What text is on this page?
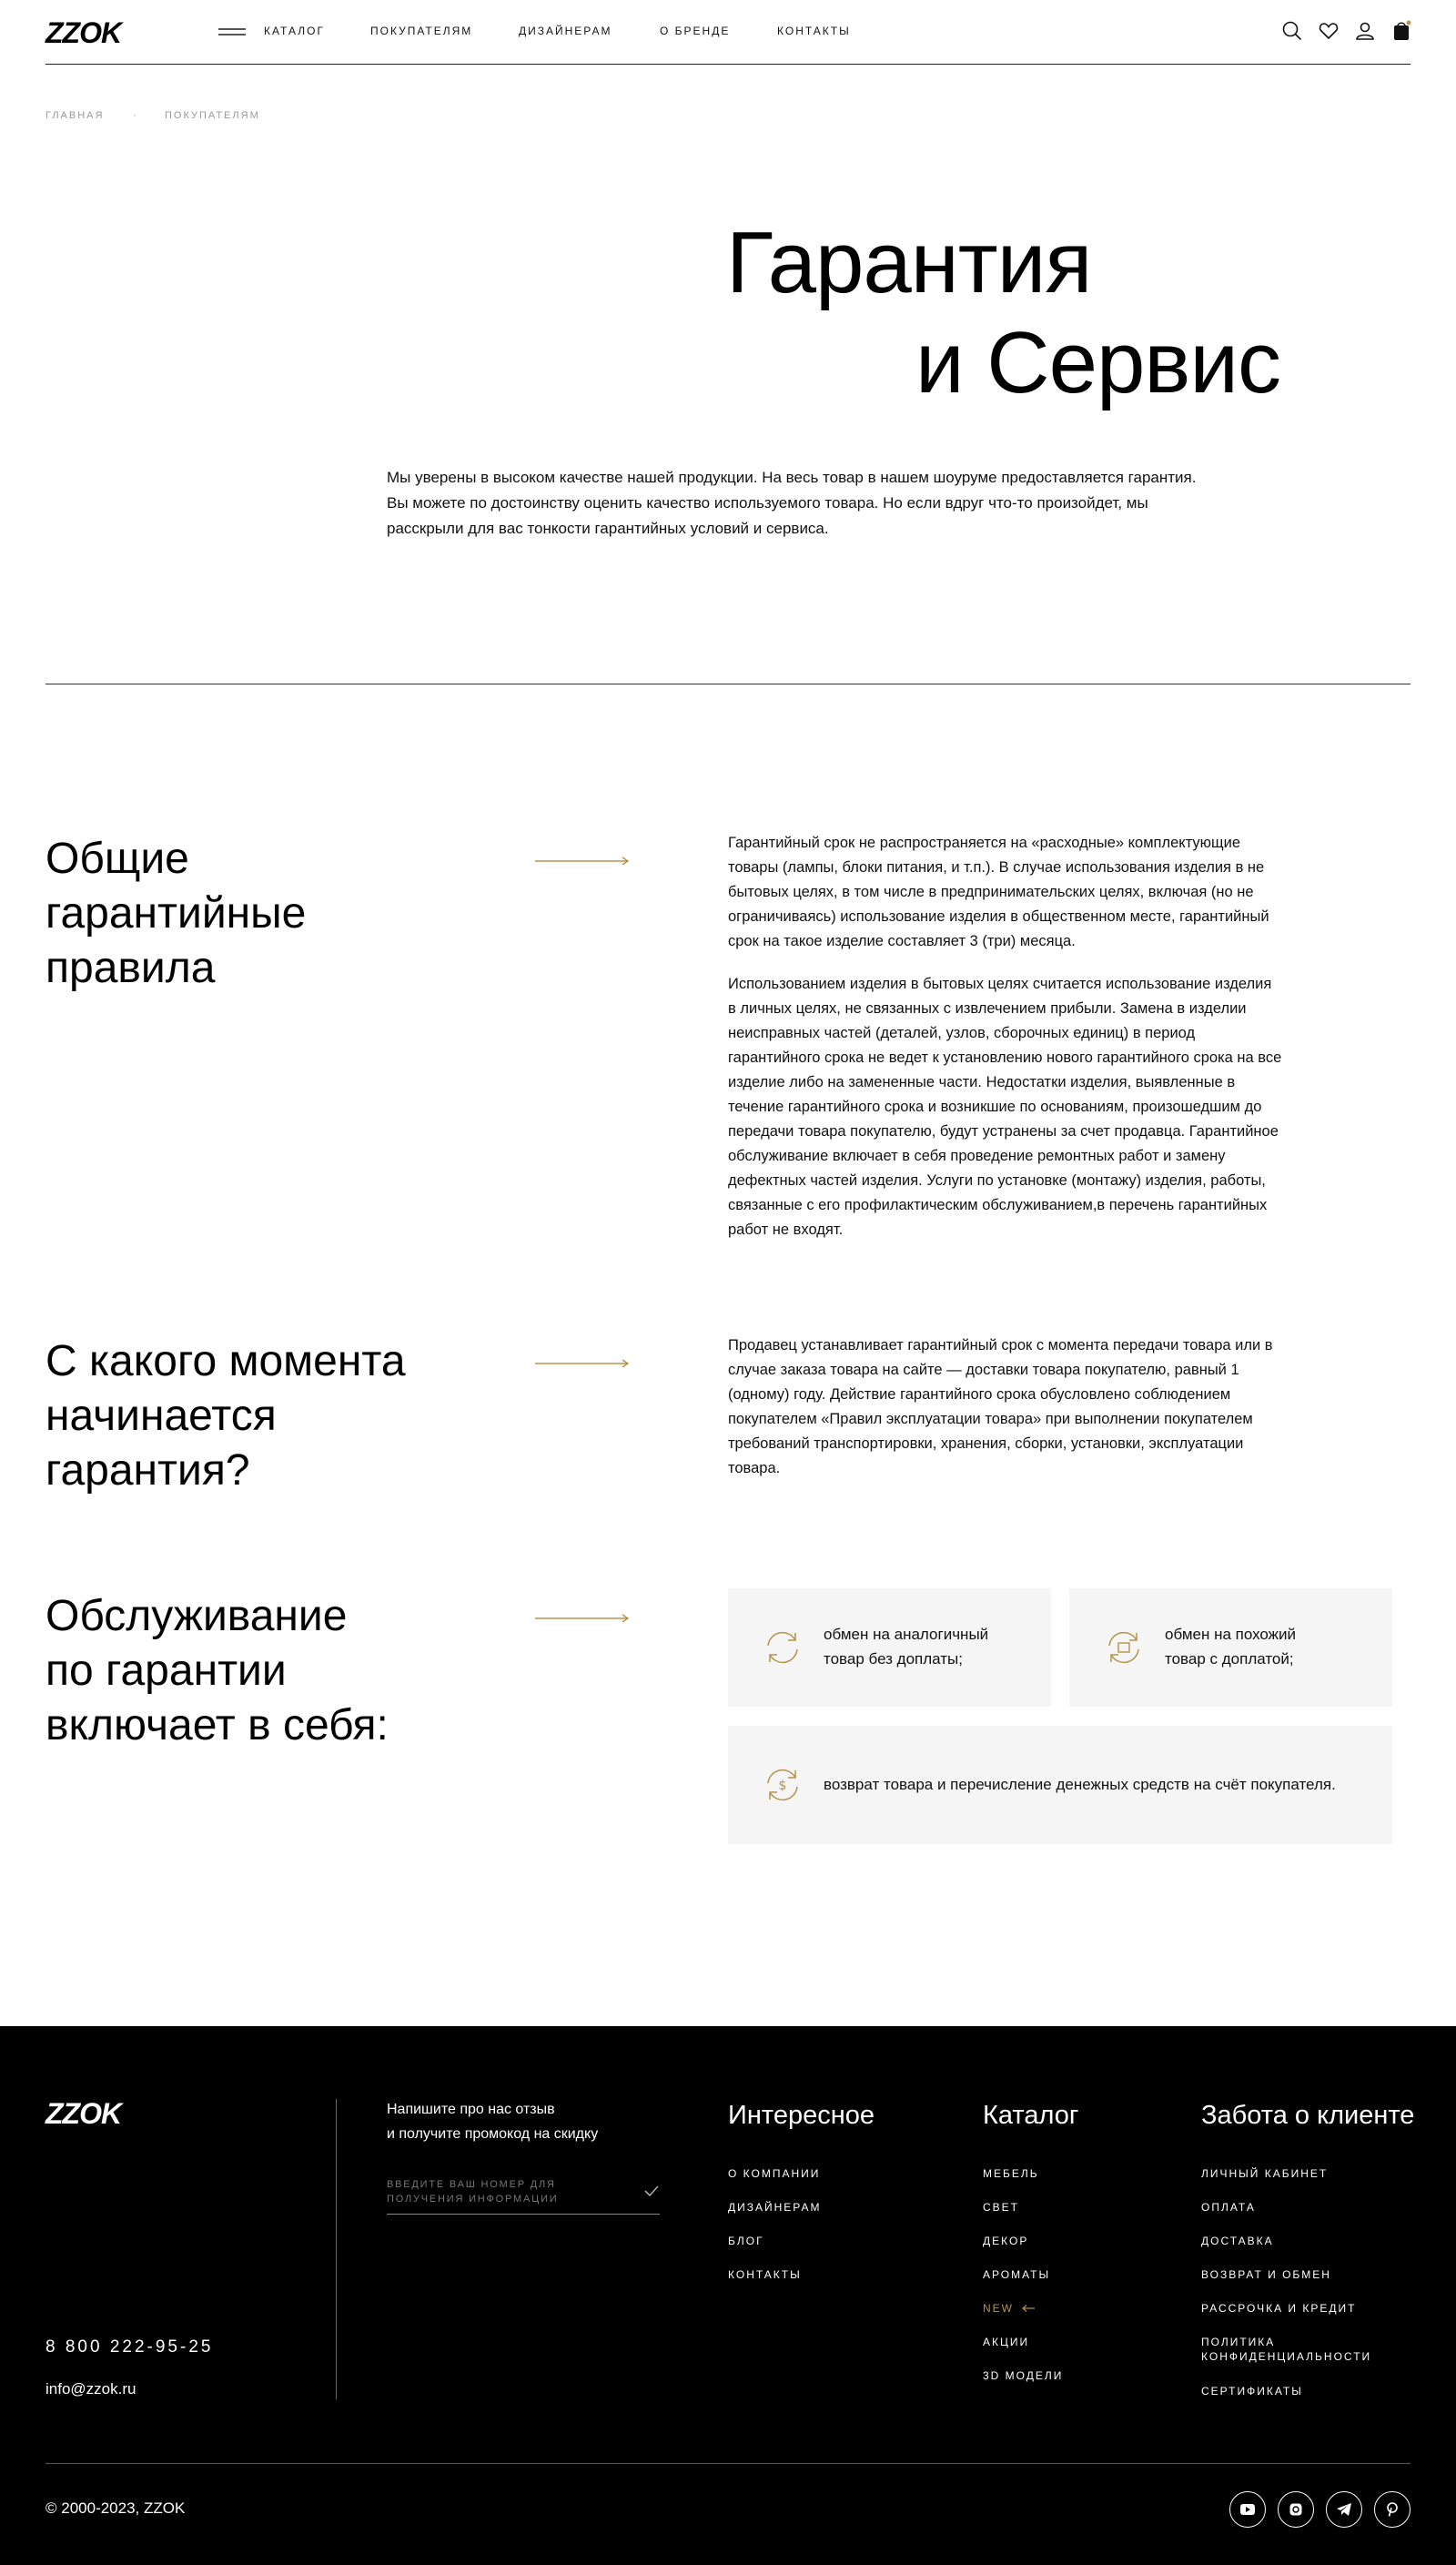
ZZOK	КАТАЛОГ	ПОКУПАТЕЛЯМ	ДИЗАЙНЕРАМ	О БРЕНДЕ	КОНТАКТЫ
ГЛАВНАЯ	·	ПОКУПАТЕЛЯМ
Гарантия
и Сервис
Мы уверены в высоком качестве нашей продукции. На весь товар в нашем шоуруме предоставляется гарантия.
Вы можете по достоинству оценить качество используемого товара. Но если вдруг что-то произойдет, мы
расскрыли для вас тонкости гарантийных условий и сервиса.
Общие
гарантийные
правила

Гарантийный срок не распространяется на «расходные» комплектующие товары (лампы, блоки питания, и т.п.). В случае использования изделия в не бытовых целях, в том числе в предпринимательских целях, включая (но не ограничиваясь) использование изделия в общественном месте, гарантийный срок на такое изделие составляет 3 (три) месяца.

Использованием изделия в бытовых целях считается использование изделия в личных целях, не связанных с извлечением прибыли. Замена в изделии неисправных частей (деталей, узлов, сборочных единиц) в период гарантийного срока не ведет к установлению нового гарантийного срока на все изделие либо на замененные части. Недостатки изделия, выявленные в течение гарантийного срока и возникшие по основаниям, произошедшим до передачи товара покупателю, будут устранены за счет продавца. Гарантийное обслуживание включает в себя проведение ремонтных работ и замену дефектных частей изделия. Услуги по установке (монтажу) изделия, работы, связанные с его профилактическим обслуживанием,в перечень гарантийных работ не входят.

С какого момента
начинается
гарантия?

Продавец устанавливает гарантийный срок с момента передачи товара или в случае заказа товара на сайте — доставки товара покупателю, равный 1 (одному) году. Действие гарантийного срока обусловлено соблюдением покупателем «Правил эксплуатации товара» при выполнении покупателем требований транспортировки, хранения, сборки, установки, эксплуатации товара.

Обслуживание
по гарантии
включает в себя:
обмен на аналогичный
товар без доплаты;
обмен на похожий
товар с доплатой;
$ возврат товара и перечисление денежных средств на счёт покупателя.
ZZOK	Напишите про нас отзыв
и получите промокод на скидку
ВВЕДИТЕ ВАШ НОМЕР ДЛЯ ПОЛУЧЕНИЯ ИНФОРМАЦИИ
Интересное
О КОМПАНИИ
ДИЗАЙНЕРАМ
БЛОГ
КОНТАКТЫ
Каталог
МЕБЕЛЬ
СВЕТ
ДЕКОР
АРОМАТЫ
NEW
АКЦИИ
3D МОДЕЛИ
Забота о клиенте
ЛИЧНЫЙ КАБИНЕТ
ОПЛАТА
ДОСТАВКА
ВОЗВРАТ И ОБМЕН
РАССРОЧКА И КРЕДИТ
ПОЛИТИКА КОНФИДЕНЦИАЛЬНОСТИ
СЕРТИФИКАТЫ
8 800 222-95-25
info@zzok.ru
© 2000-2023, ZZOK
